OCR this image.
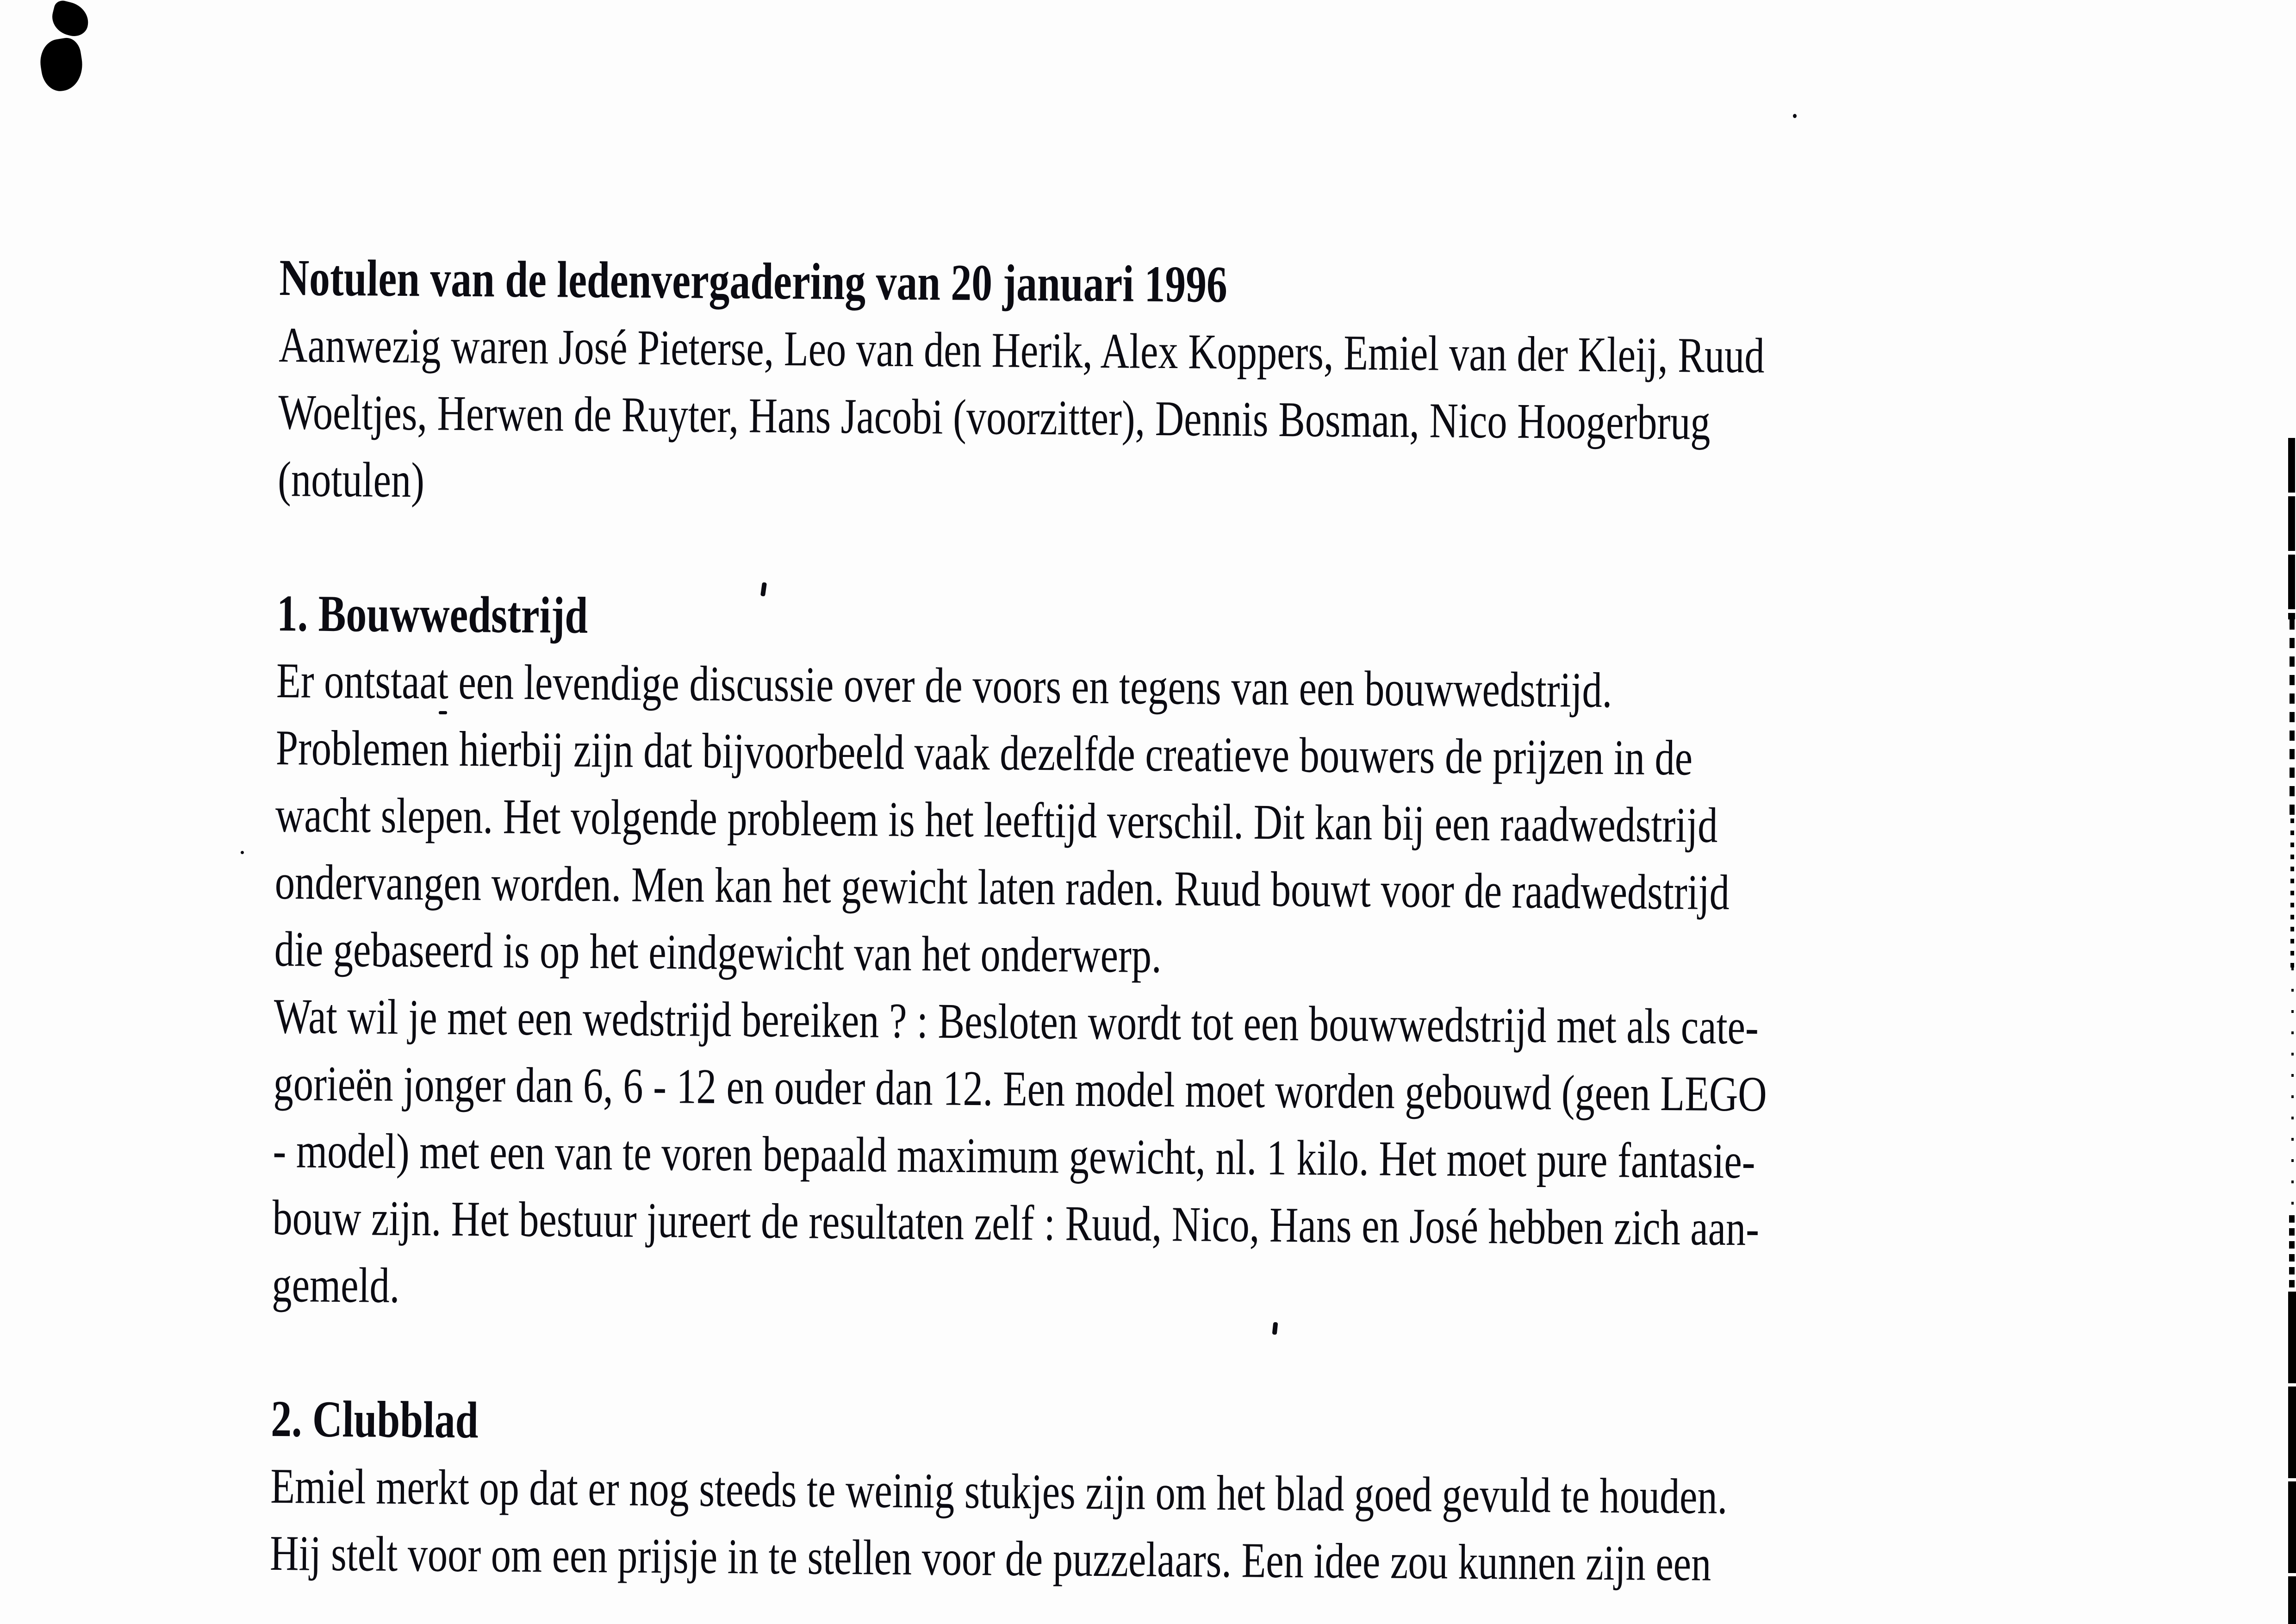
Notulen van de ledenvergadering van 20 januari 1996
Aanwezig waren José Pieterse, Leo van den Herik, Alex Koppers, Emiel van der Kleij, Ruud
Woeltjes, Herwen de Ruyter, Hans Jacobi (voorzitter), Dennis Bosman, Nico Hoogerbrug
(notulen)

1. Bouwwedstrijd
Er ontstaat een levendige discussie over de voors en tegens van een bouwwedstrijd.
Problemen hierbij zijn dat bijvoorbeeld vaak dezelfde creatieve bouwers de prijzen in de
wacht slepen. Het volgende probleem is het leeftijd verschil. Dit kan bij een raadwedstrijd
ondervangen worden. Men kan het gewicht laten raden. Ruud bouwt voor de raadwedstrijd
die gebaseerd is op het eindgewicht van het onderwerp.
Wat wil je met een wedstrijd bereiken ? : Besloten wordt tot een bouwwedstrijd met als cate-
gorieën jonger dan 6, 6 - 12 en ouder dan 12. Een model moet worden gebouwd (geen LEGO
- model) met een van te voren bepaald maximum gewicht, nl. 1 kilo. Het moet pure fantasie-
bouw zijn. Het bestuur jureert de resultaten zelf : Ruud, Nico, Hans en José hebben zich aan-
gemeld.

2. Clubblad
Emiel merkt op dat er nog steeds te weinig stukjes zijn om het blad goed gevuld te houden.
Hij stelt voor om een prijsje in te stellen voor de puzzelaars. Een idee zou kunnen zijn een
